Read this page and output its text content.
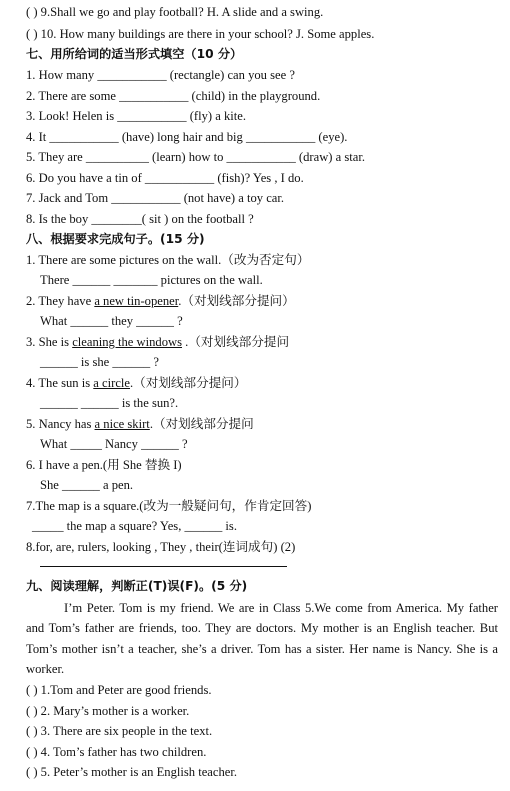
( ) 9.Shall we go and play football? H. A slide and a swing.
( ) 10. How many buildings are there in your school? J. Some apples.
七、用所给词的适当形式填空（10 分）
1. How many ___________ (rectangle) can you see ?
2. There are some ___________ (child) in the playground.
3. Look! Helen is ___________ (fly) a kite.
4. It ___________ (have) long hair and big ___________ (eye).
5. They are __________ (learn) how to ___________ (draw) a star.
6. Do you have a tin of ___________ (fish)? Yes , I do.
7. Jack and Tom ___________ (not have) a toy car.
8. Is the boy ________( sit ) on the football ?
八、根据要求完成句子。(15 分)
1. There are some pictures on the wall.（改为否定句）
There ______ _______ pictures on the wall.
2. They have a new tin-opener.（对划线部分提问）
What ______ they ______ ?
3. She is cleaning the windows .（对划线部分提问
______ is she ______ ?
4. The sun is a circle.（对划线部分提问）
______ ______ is the sun?.
5. Nancy has a nice skirt.（对划线部分提问
What _____ Nancy ______ ?
6. I have a pen.(用 She 替换 I)
She ______ a pen.
7.The map is a square.(改为一般疑问句，作肯定回答)
_____ the map a square? Yes, ______ is.
8.for, are, rulers, looking , They , their(连词成句) (2)
九、阅读理解，判断正(T)误(F)。(5 分)
I’m Peter. Tom is my friend. We are in Class 5.We come from America. My father and Tom’s father are friends, too. They are doctors. My mother is an English teacher. But Tom’s mother isn’t a teacher, she’s a driver. Tom has a sister. Her name is Nancy. She is a worker.
( ) 1.Tom and Peter are good friends.
( ) 2. Mary’s mother is a worker.
( ) 3. There are six people in the text.
( ) 4. Tom’s father has two children.
( ) 5. Peter’s mother is an English teacher.
